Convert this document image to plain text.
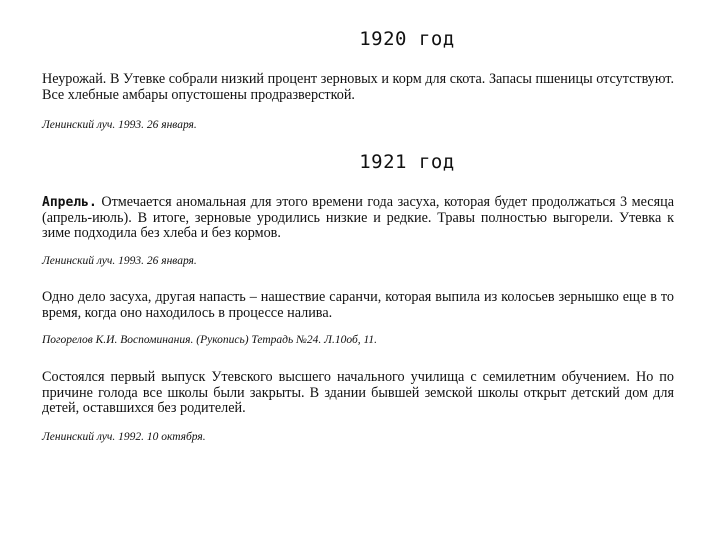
1920 год

Неурожай. В Утевке собрали низкий процент зерновых и корм для скота. Запасы пшеницы отсутствуют. Все хлебные амбары опустошены продразверсткой.

Ленинский луч. 1993. 26 января.

1921 год

Апрель. Отмечается аномальная для этого времени года засуха, которая будет продолжаться 3 месяца (апрель-июль). В итоге, зерновые уродились низкие и редкие. Травы полностью выгорели. Утевка к зиме подходила без хлеба и без кормов.

Ленинский луч. 1993. 26 января.

Одно дело засуха, другая напасть – нашествие саранчи, которая выпила из колосьев зернышко еще в то время, когда оно находилось в процессе налива.

Погорелов К.И. Воспоминания. (Рукопись) Тетрадь №24. Л.10об, 11.

Состоялся первый выпуск Утевского высшего начального училища с семилетним обучением. Но по причине голода все школы были закрыты. В здании бывшей земской школы открыт детский дом для детей, оставшихся без родителей.

Ленинский луч. 1992. 10 октября.
